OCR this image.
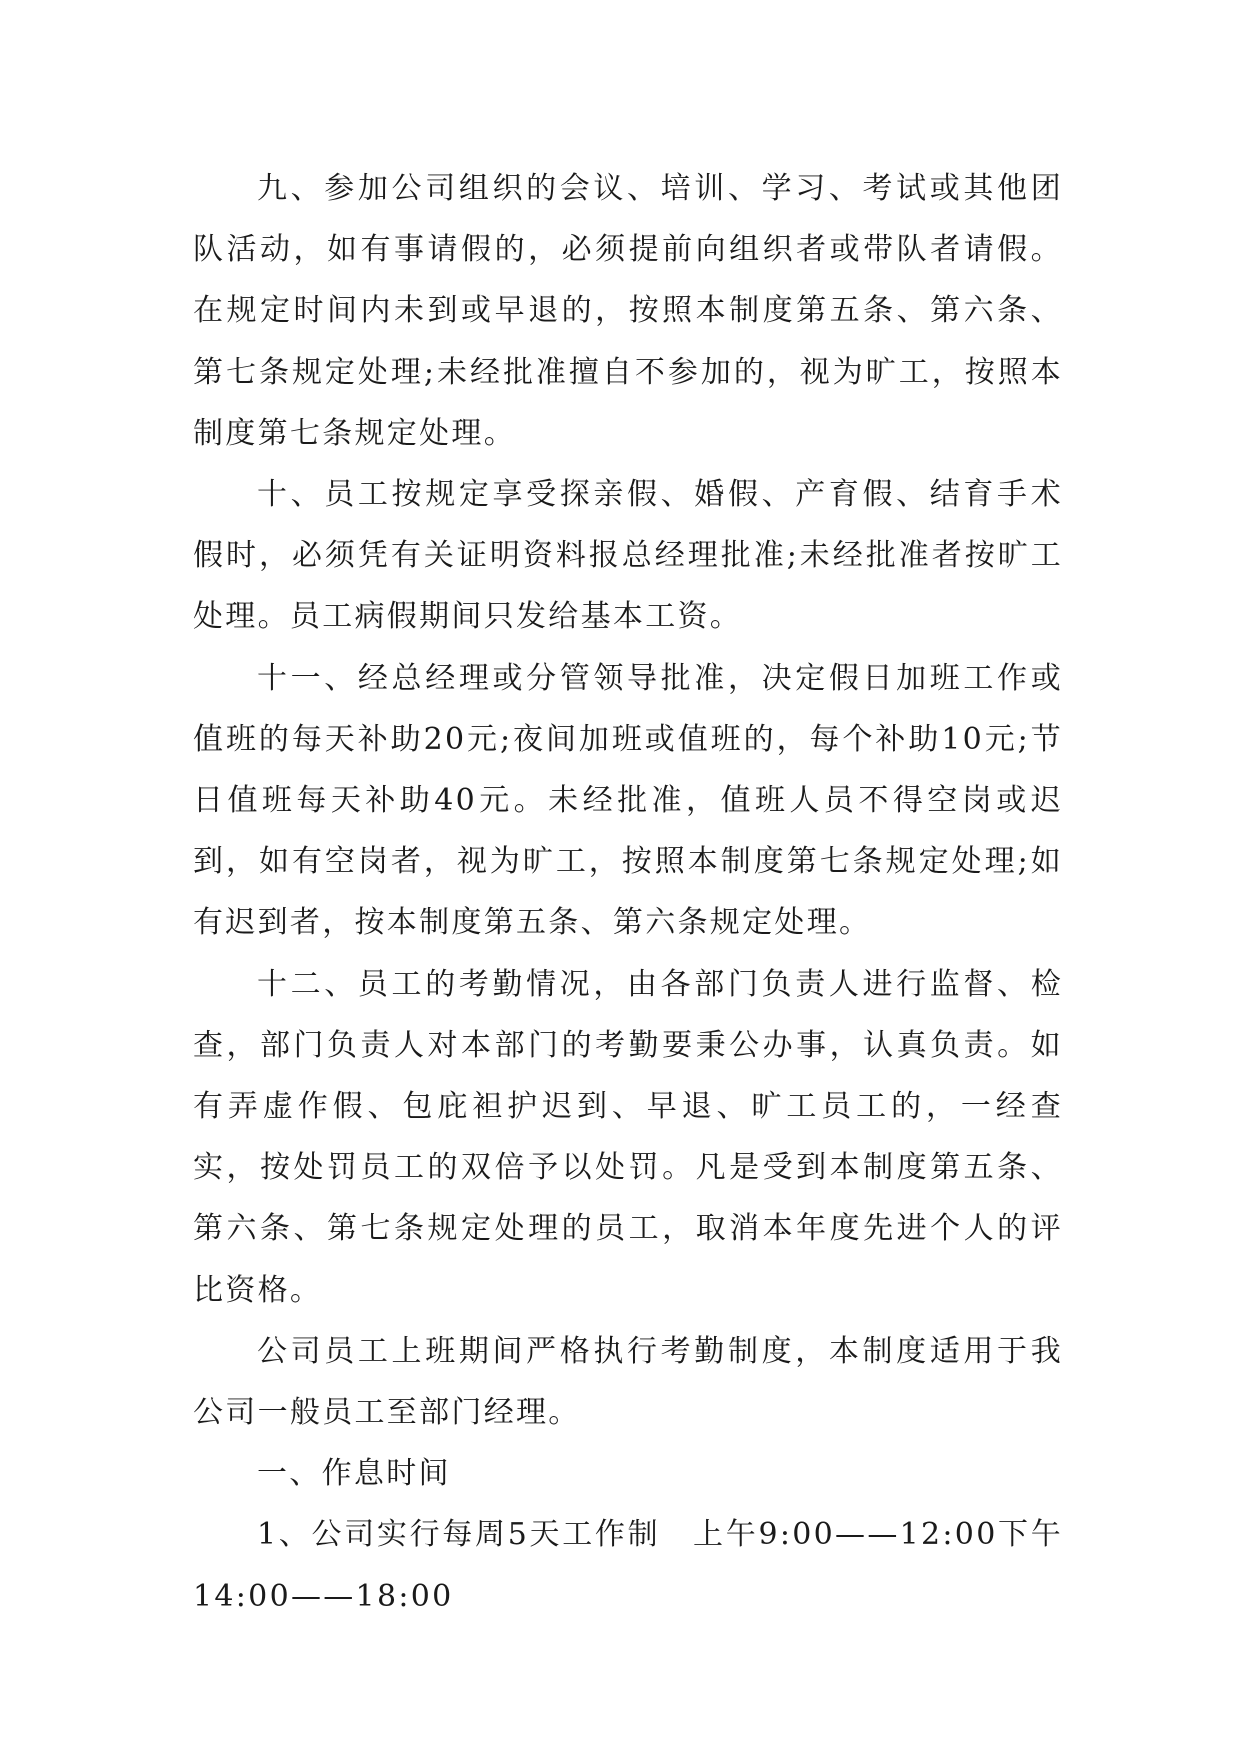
九、参加公司组织的会议、培训、学习、考试或其他团队活动，如有事请假的，必须提前向组织者或带队者请假。在规定时间内未到或早退的，按照本制度第五条、第六条、第七条规定处理;未经批准擅自不参加的，视为旷工，按照本制度第七条规定处理。

十、员工按规定享受探亲假、婚假、产育假、结育手术假时，必须凭有关证明资料报总经理批准;未经批准者按旷工处理。员工病假期间只发给基本工资。

十一、经总经理或分管领导批准，决定假日加班工作或值班的每天补助20元;夜间加班或值班的，每个补助10元;节日值班每天补助40元。未经批准，值班人员不得空岗或迟到，如有空岗者，视为旷工，按照本制度第七条规定处理;如有迟到者，按本制度第五条、第六条规定处理。

十二、员工的考勤情况，由各部门负责人进行监督、检查，部门负责人对本部门的考勤要秉公办事，认真负责。如有弄虚作假、包庇袒护迟到、早退、旷工员工的，一经查实，按处罚员工的双倍予以处罚。凡是受到本制度第五条、第六条、第七条规定处理的员工，取消本年度先进个人的评比资格。

公司员工上班期间严格执行考勤制度，本制度适用于我公司一般员工至部门经理。

一、作息时间

1、公司实行每周5天工作制　上午9:00——12:00下午14:00——18:00
